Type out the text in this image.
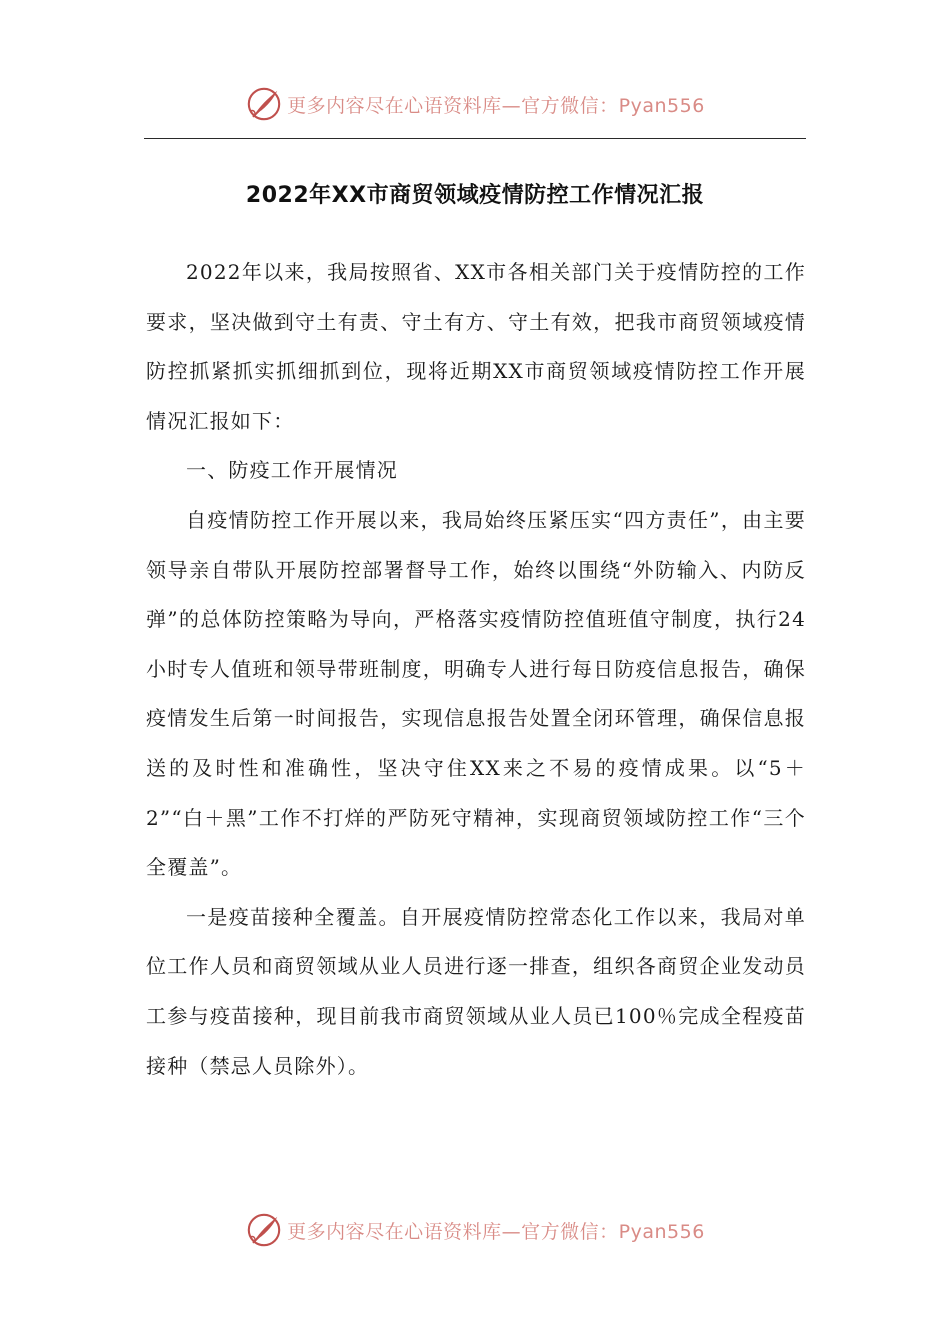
更多内容尽在心语资料库—官方微信：Pyan556
2022年XX市商贸领域疫情防控工作情况汇报

2022年以来，我局按照省、XX市各相关部门关于疫情防控的工作要求，坚决做到守土有责、守土有方、守土有效，把我市商贸领域疫情防控抓紧抓实抓细抓到位，现将近期XX市商贸领域疫情防控工作开展情况汇报如下：

一、防疫工作开展情况

自疫情防控工作开展以来，我局始终压紧压实“四方责任”，由主要领导亲自带队开展防控部署督导工作，始终以围绕“外防输入、内防反弹”的总体防控策略为导向，严格落实疫情防控值班值守制度，执行24小时专人值班和领导带班制度，明确专人进行每日防疫信息报告，确保疫情发生后第一时间报告，实现信息报告处置全闭环管理，确保信息报送的及时性和准确性，坚决守住XX来之不易的疫情成果。以“5＋2”“白＋黑”工作不打烊的严防死守精神，实现商贸领域防控工作“三个全覆盖”。

一是疫苗接种全覆盖。自开展疫情防控常态化工作以来，我局对单位工作人员和商贸领域从业人员进行逐一排查，组织各商贸企业发动员工参与疫苗接种，现目前我市商贸领域从业人员已100％完成全程疫苗接种（禁忌人员除外）。

更多内容尽在心语资料库—官方微信：Pyan556
